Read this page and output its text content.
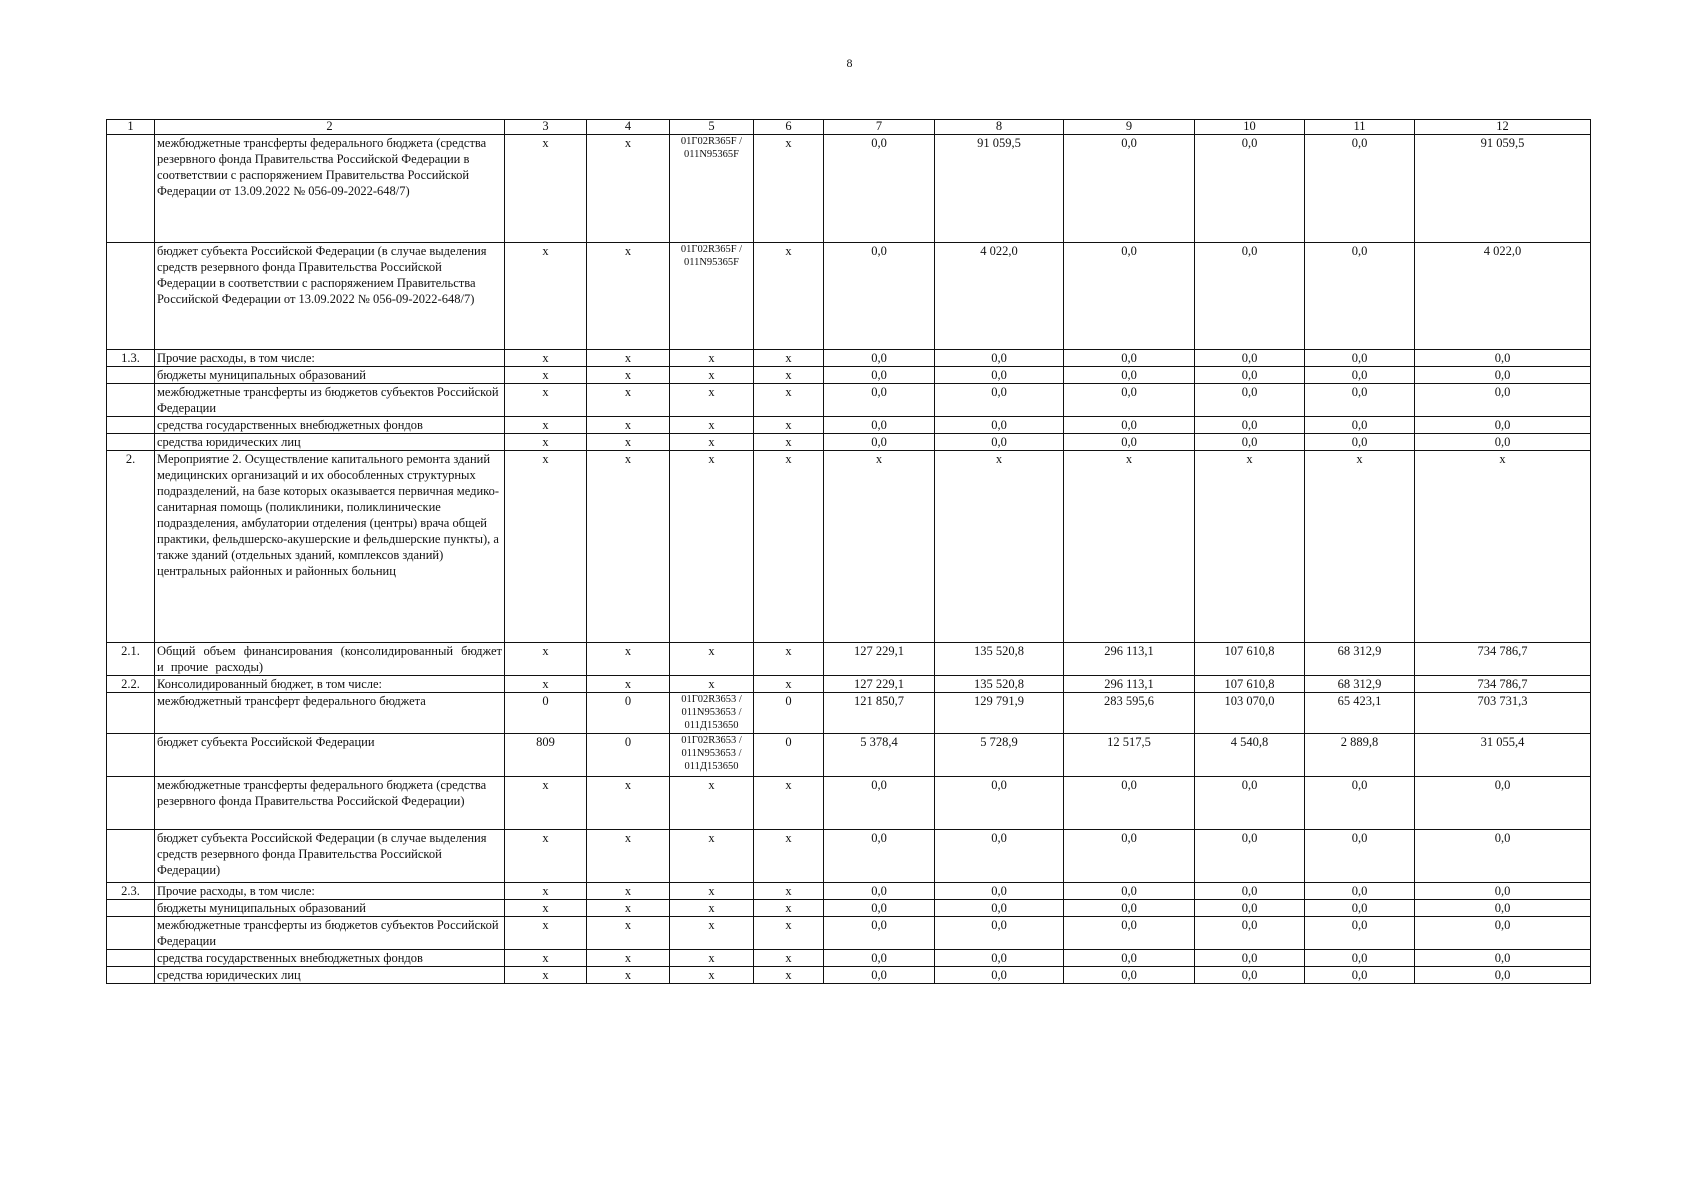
8
1	2	3	4	5	6	7	8	9	10	11	12
	межбюджетные трансферты федерального бюджета (средства резервного фонда Правительства Российской Федерации в соответствии с распоряжением Правительства Российской Федерации от 13.09.2022 № 056-09-2022-648/7)	x	x	01Г02R365F / 011N95365F	x	0,0	91 059,5	0,0	0,0	0,0	91 059,5
	бюджет субъекта Российской Федерации (в случае выделения средств резервного фонда Правительства Российской Федерации в соответствии с распоряжением Правительства Российской Федерации от 13.09.2022 № 056-09-2022-648/7)	x	x	01Г02R365F / 011N95365F	x	0,0	4 022,0	0,0	0,0	0,0	4 022,0
1.3.	Прочие расходы, в том числе:	x	x	x	x	0,0	0,0	0,0	0,0	0,0	0,0
	бюджеты муниципальных образований	x	x	x	x	0,0	0,0	0,0	0,0	0,0	0,0
	межбюджетные трансферты из бюджетов субъектов Российской Федерации	x	x	x	x	0,0	0,0	0,0	0,0	0,0	0,0
	средства государственных внебюджетных фондов	x	x	x	x	0,0	0,0	0,0	0,0	0,0	0,0
	средства юридических лиц	x	x	x	x	0,0	0,0	0,0	0,0	0,0	0,0
2.	Мероприятие 2. Осуществление капитального ремонта зданий медицинских организаций и их обособленных структурных подразделений, на базе которых оказывается первичная медико-санитарная помощь (поликлиники, поликлинические подразделения, амбулатории отделения (центры) врача общей практики, фельдшерско-акушерские и фельдшерские пункты), а также зданий (отдельных зданий, комплексов зданий) центральных районных и районных больниц	x	x	x	x	x	x	x	x	x	x
2.1.	Общий объем финансирования (консолидированный бюджет и прочие расходы)	x	x	x	x	127 229,1	135 520,8	296 113,1	107 610,8	68 312,9	734 786,7
2.2.	Консолидированный бюджет, в том числе:	x	x	x	x	127 229,1	135 520,8	296 113,1	107 610,8	68 312,9	734 786,7
	межбюджетный трансферт федерального бюджета	0	0	01Г02R3653 / 011N953653 / 011Д153650	0	121 850,7	129 791,9	283 595,6	103 070,0	65 423,1	703 731,3
	бюджет субъекта Российской Федерации	809	0	01Г02R3653 / 011N953653 / 011Д153650	0	5 378,4	5 728,9	12 517,5	4 540,8	2 889,8	31 055,4
	межбюджетные трансферты федерального бюджета (средства резервного фонда Правительства Российской Федерации)	x	x	x	x	0,0	0,0	0,0	0,0	0,0	0,0
	бюджет субъекта Российской Федерации (в случае выделения средств резервного фонда Правительства Российской Федерации)	x	x	x	x	0,0	0,0	0,0	0,0	0,0	0,0
2.3.	Прочие расходы, в том числе:	x	x	x	x	0,0	0,0	0,0	0,0	0,0	0,0
	бюджеты муниципальных образований	x	x	x	x	0,0	0,0	0,0	0,0	0,0	0,0
	межбюджетные трансферты из бюджетов субъектов Российской Федерации	x	x	x	x	0,0	0,0	0,0	0,0	0,0	0,0
	средства государственных внебюджетных фондов	x	x	x	x	0,0	0,0	0,0	0,0	0,0	0,0
	средства юридических лиц	x	x	x	x	0,0	0,0	0,0	0,0	0,0	0,0
